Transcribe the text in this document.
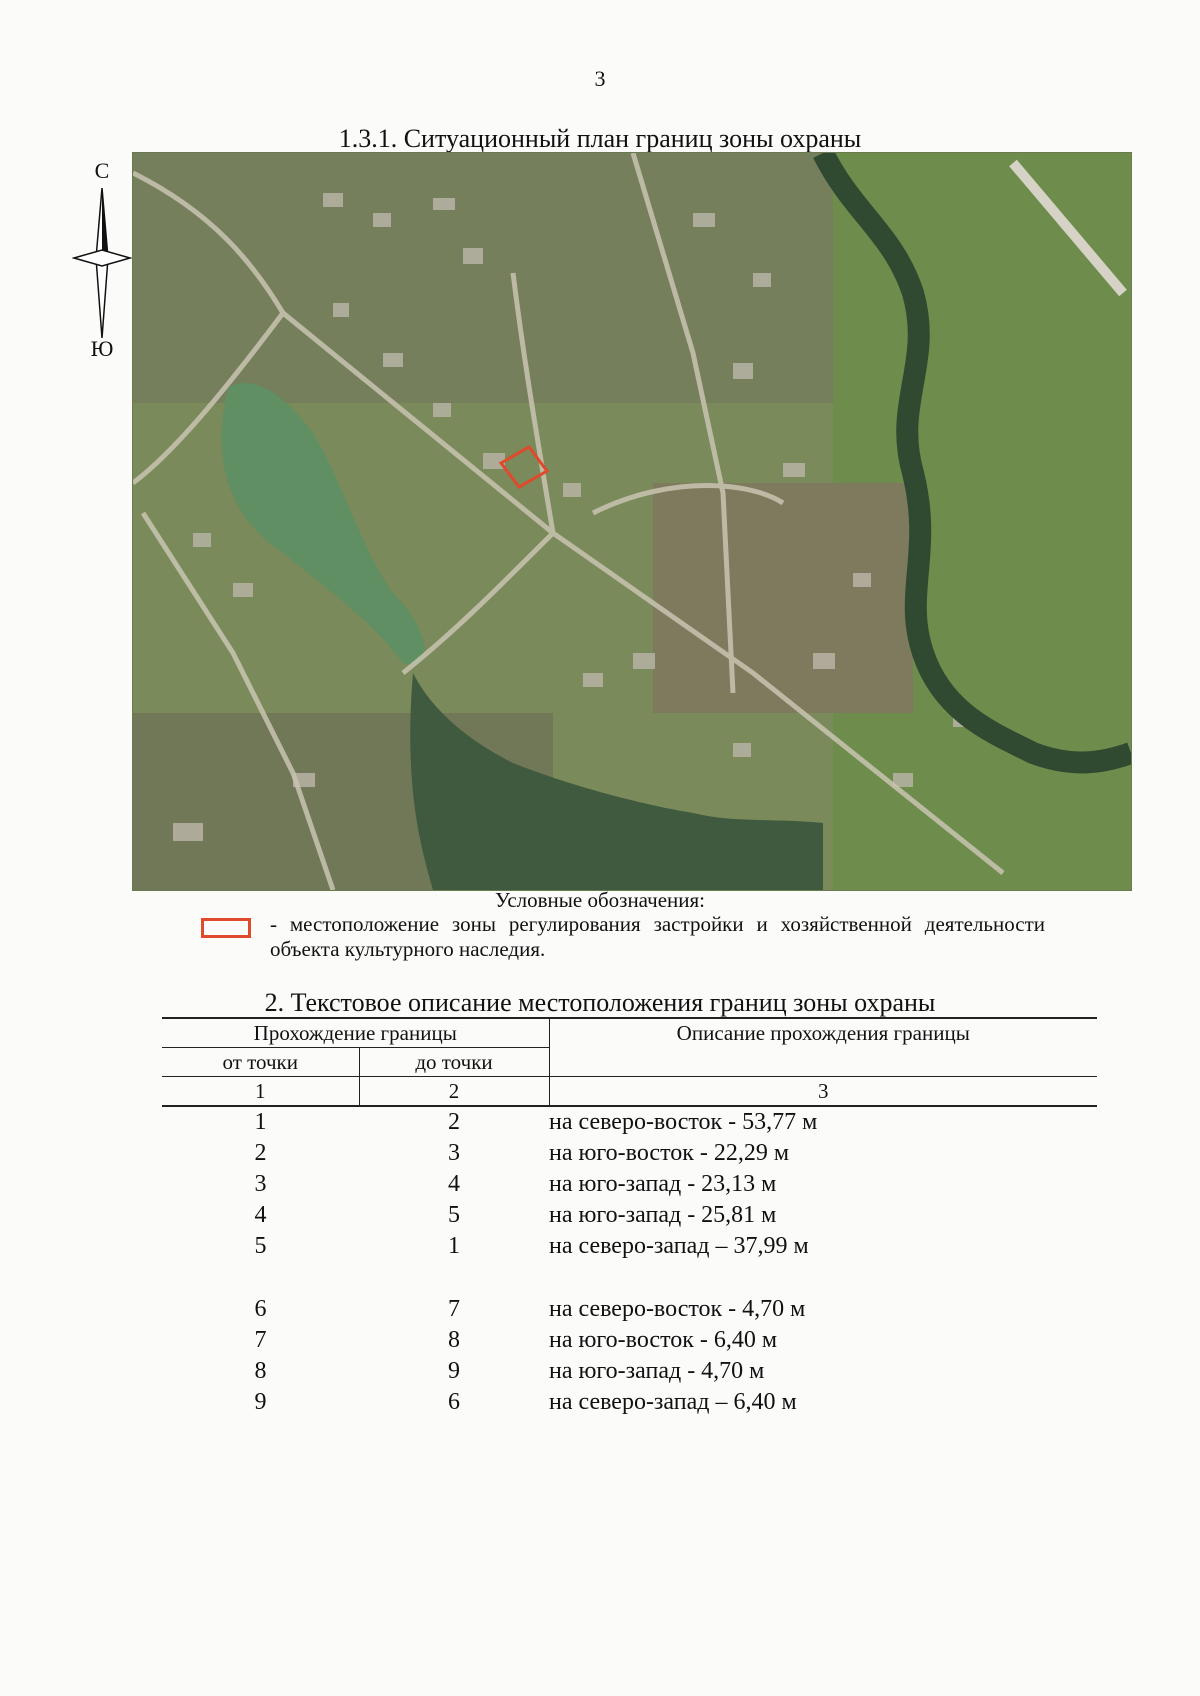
3
1.3.1. Ситуационный план границ зоны охраны
С
Ю
Условные обозначения:
- местоположение зоны регулирования застройки и хозяйственной деятельности объекта культурного наследия.
2. Текстовое описание местоположения границ зоны охраны
Прохождение границы		Описание прохождения границы
от точки	до точки	
1	2	3
1	2	на северо-восток - 53,77 м
2	3	на юго-восток - 22,29 м
3	4	на юго-запад - 23,13 м
4	5	на юго-запад - 25,81 м
5	1	на северо-запад – 37,99 м

6	7	на северо-восток - 4,70 м
7	8	на юго-восток - 6,40 м
8	9	на юго-запад - 4,70 м
9	6	на северо-запад – 6,40 м
